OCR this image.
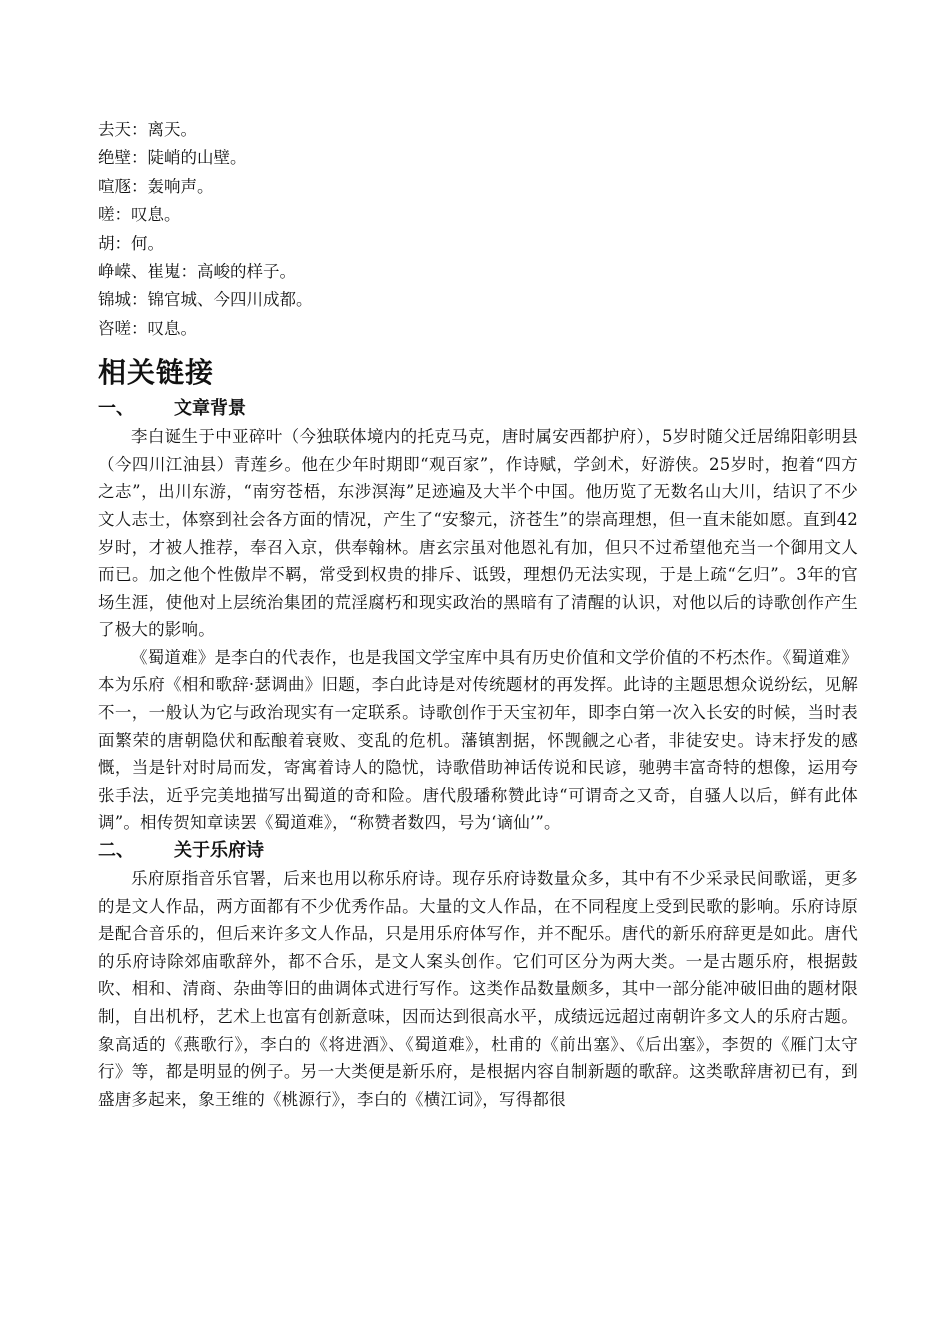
去天：离天。
绝壁：陡峭的山壁。
喧豗：轰响声。
嗟：叹息。
胡：何。
峥嵘、崔嵬：高峻的样子。
锦城：锦官城、今四川成都。
咨嗟：叹息。
相关链接
一、	文章背景

李白诞生于中亚碎叶（今独联体境内的托克马克，唐时属安西都护府），5岁时随父迁居绵阳彰明县（今四川江油县）青莲乡。他在少年时期即“观百家”，作诗赋，学剑术，好游侠。25岁时，抱着“四方之志”，出川东游，“南穷苍梧，东涉溟海”足迹遍及大半个中国。他历览了无数名山大川，结识了不少文人志士，体察到社会各方面的情况，产生了“安黎元，济苍生”的崇高理想，但一直未能如愿。直到42岁时，才被人推荐，奉召入京，供奉翰林。唐玄宗虽对他恩礼有加，但只不过希望他充当一个御用文人而已。加之他个性傲岸不羁，常受到权贵的排斥、诋毁，理想仍无法实现，于是上疏“乞归”。3年的官场生涯，使他对上层统治集团的荒淫腐朽和现实政治的黑暗有了清醒的认识，对他以后的诗歌创作产生了极大的影响。

《蜀道难》是李白的代表作，也是我国文学宝库中具有历史价值和文学价值的不朽杰作。《蜀道难》本为乐府《相和歌辞·瑟调曲》旧题，李白此诗是对传统题材的再发挥。此诗的主题思想众说纷纭，见解不一，一般认为它与政治现实有一定联系。诗歌创作于天宝初年，即李白第一次入长安的时候，当时表面繁荣的唐朝隐伏和酝酿着衰败、变乱的危机。藩镇割据，怀觊觎之心者，非徒安史。诗末抒发的感慨，当是针对时局而发，寄寓着诗人的隐忧，诗歌借助神话传说和民谚，驰骋丰富奇特的想像，运用夸张手法，近乎完美地描写出蜀道的奇和险。唐代殷璠称赞此诗“可谓奇之又奇，自骚人以后，鲜有此体调”。相传贺知章读罢《蜀道难》，“称赞者数四，号为‘谪仙’”。

二、	关于乐府诗

乐府原指音乐官署，后来也用以称乐府诗。现存乐府诗数量众多，其中有不少采录民间歌谣，更多的是文人作品，两方面都有不少优秀作品。大量的文人作品，在不同程度上受到民歌的影响。乐府诗原是配合音乐的，但后来许多文人作品，只是用乐府体写作，并不配乐。唐代的新乐府辞更是如此。唐代的乐府诗除郊庙歌辞外，都不合乐，是文人案头创作。它们可区分为两大类。一是古题乐府，根据鼓吹、相和、清商、杂曲等旧的曲调体式进行写作。这类作品数量颇多，其中一部分能冲破旧曲的题材限制，自出机杼，艺术上也富有创新意味，因而达到很高水平，成绩远远超过南朝许多文人的乐府古题。象高适的《燕歌行》，李白的《将进酒》、《蜀道难》，杜甫的《前出塞》、《后出塞》，李贺的《雁门太守行》等，都是明显的例子。另一大类便是新乐府，是根据内容自制新题的歌辞。这类歌辞唐初已有，到盛唐多起来，象王维的《桃源行》，李白的《横江词》，写得都很
